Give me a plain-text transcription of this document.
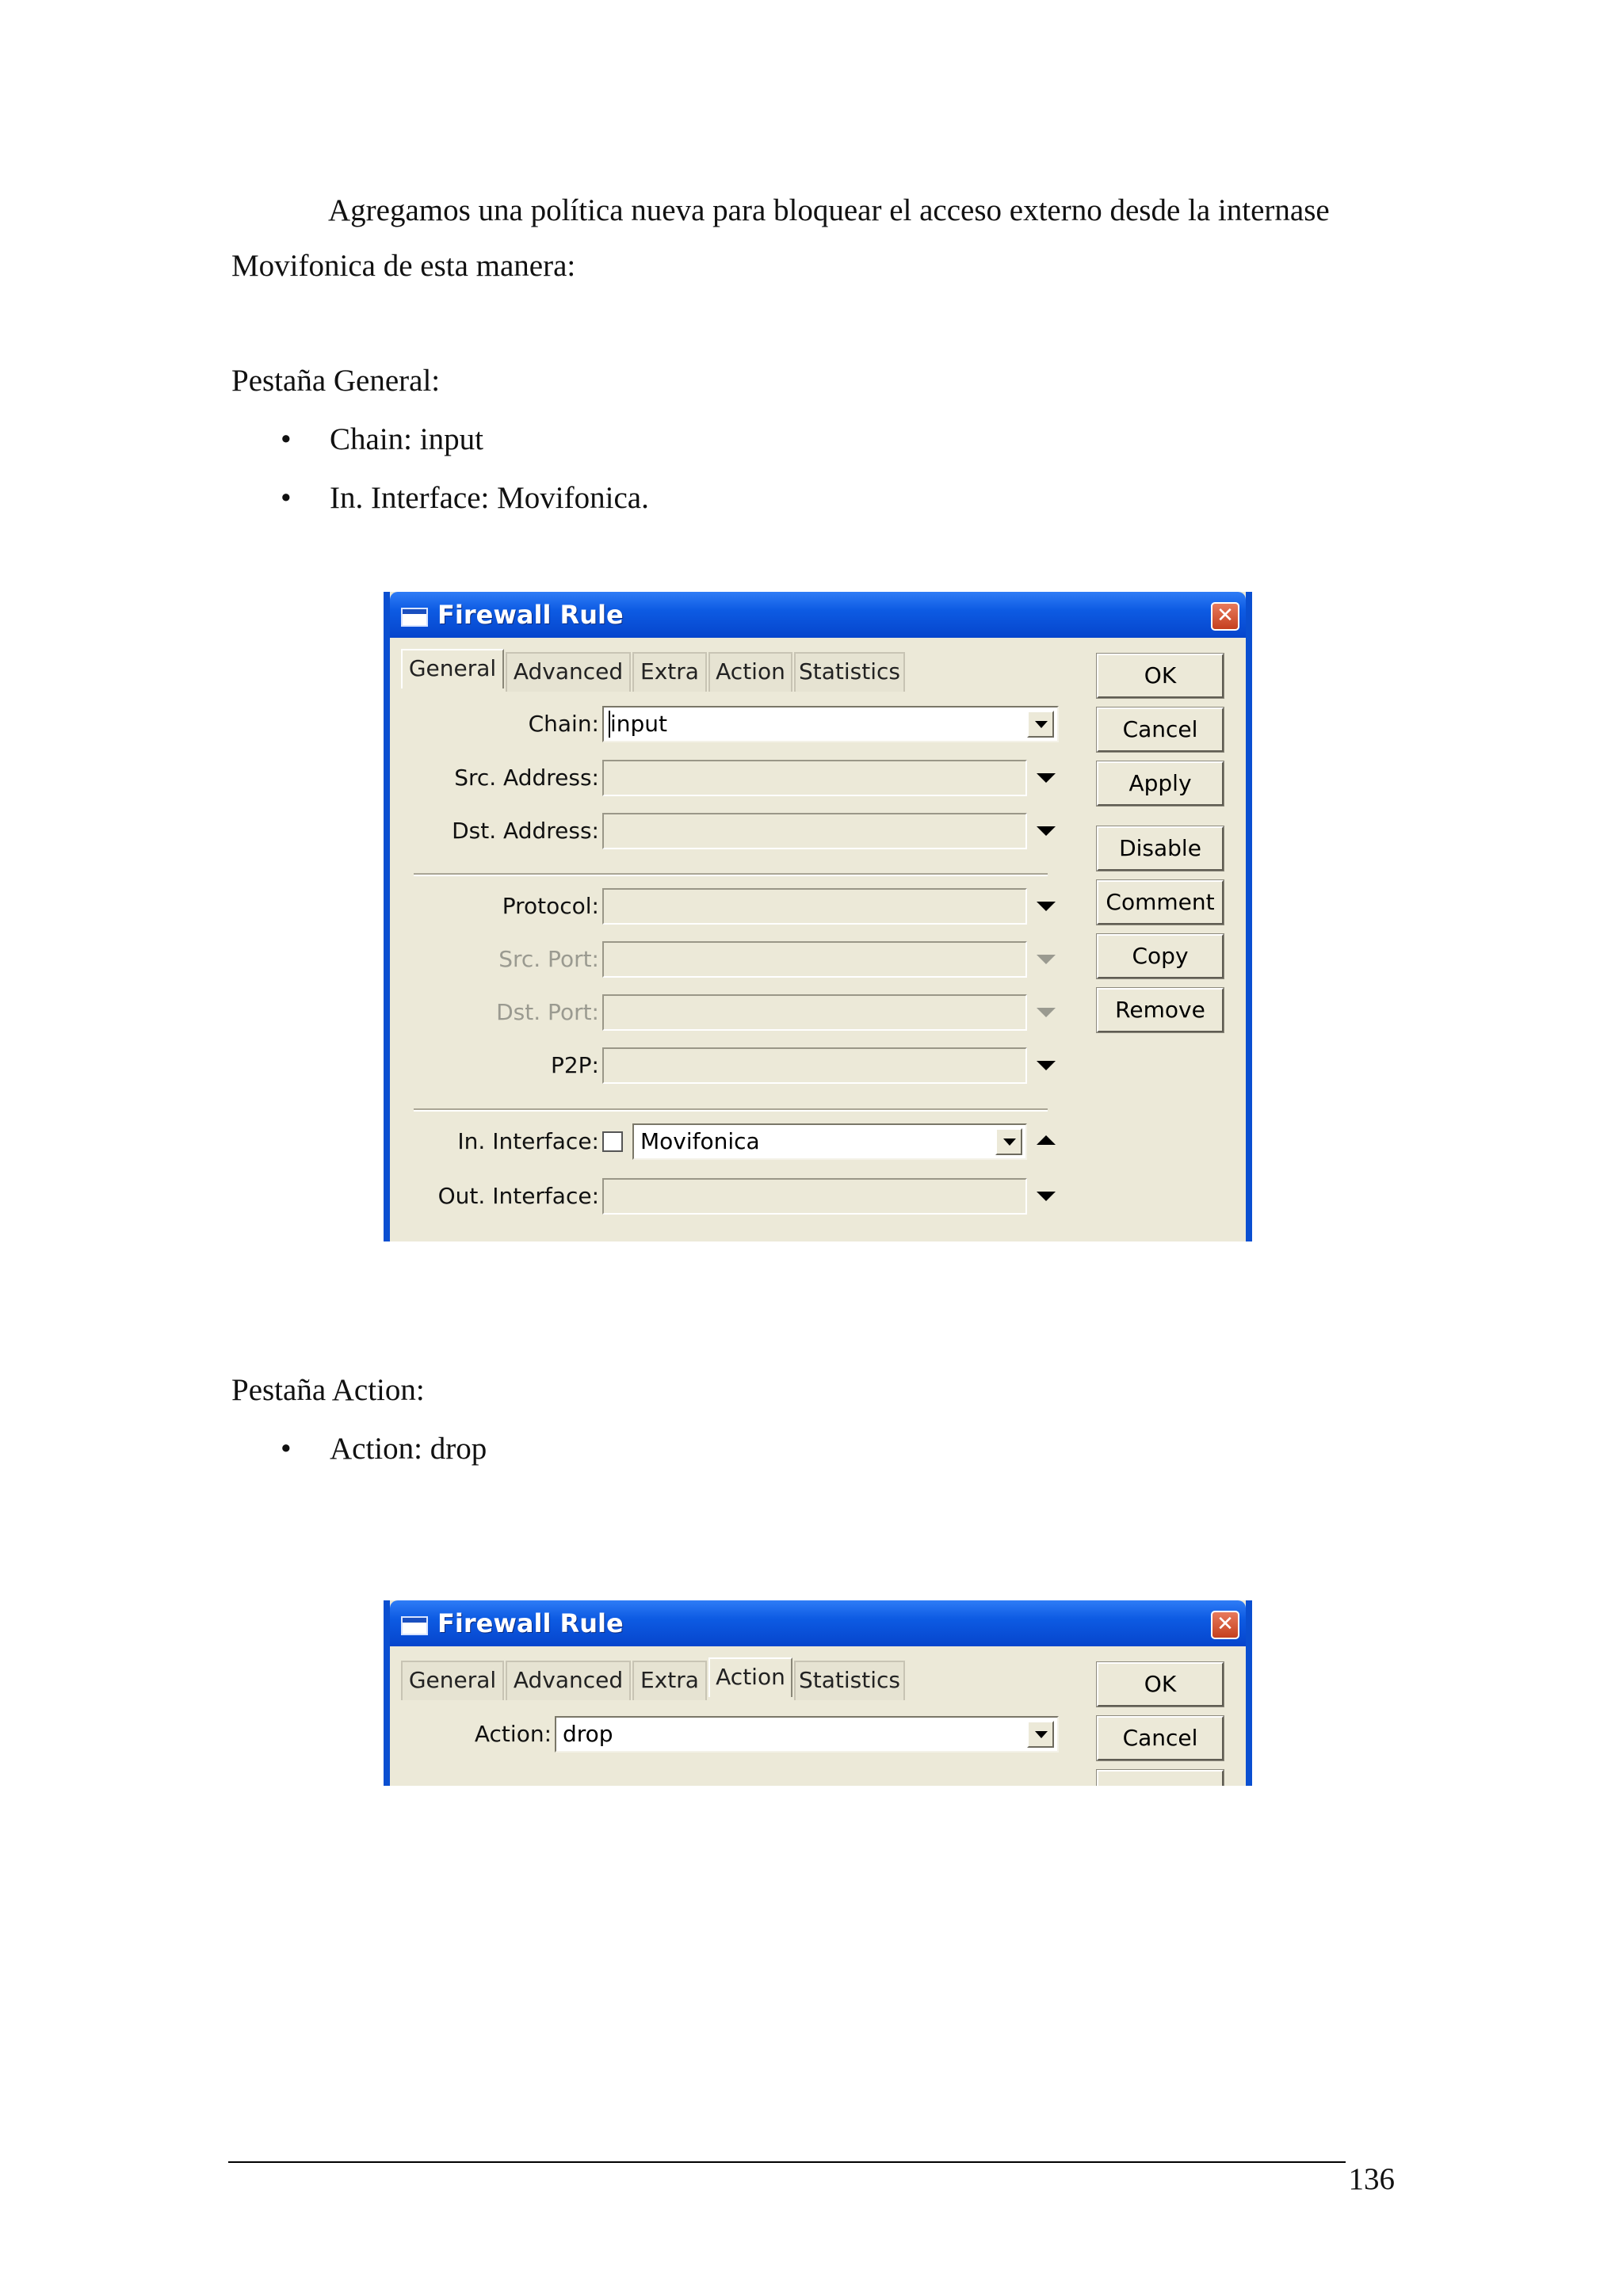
Agregamos una política nueva para bloquear el acceso externo desde la internase
Movifonica de esta manera:
Pestaña General:
• Chain: input
• In. Interface: Movifonica.
Firewall Rule	✕
General Advanced Extra Action Statistics
Chain: input
Src. Address:
Dst. Address:
Protocol:
Src. Port:
Dst. Port:
P2P:
In. Interface: Movifonica
Out. Interface:
OK
Cancel
Apply
Disable
Comment
Copy
Remove
Pestaña Action:
• Action: drop
Firewall Rule	✕
General Advanced Extra Action Statistics
Action: drop
OK
Cancel
136
